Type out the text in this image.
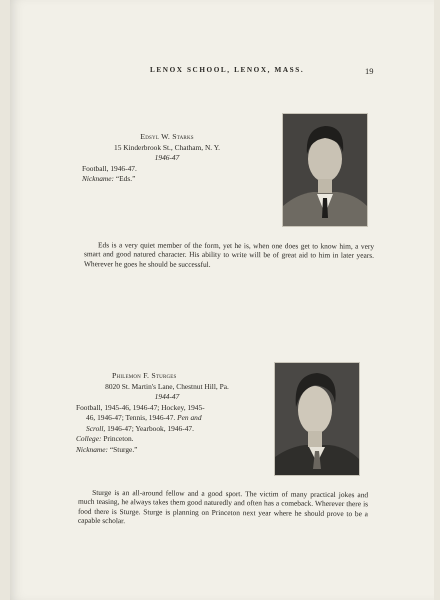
LENOX SCHOOL, LENOX, MASS.	19
Edsyl W. Starks
15 Kinderbrook St., Chatham, N. Y.
1946-47
Football, 1946-47.
Nickname: “Eds.”
Eds is a very quiet member of the form, yet he is, when one does get to know him, a very smart and good natured character. His ability to write will be of great aid to him in later years. Wherever he goes he should be successful.
Philemon F. Sturges
8020 St. Martin's Lane, Chestnut Hill, Pa.
1944-47
Football, 1945-46, 1946-47; Hockey, 1945-
46, 1946-47; Tennis, 1946-47. Pen and
Scroll, 1946-47; Yearbook, 1946-47.
College: Princeton.
Nickname: “Sturge.”
Sturge is an all-around fellow and a good sport. The victim of many practical jokes and much teasing, he always takes them good naturedly and often has a comeback. Wherever there is food there is Sturge. Sturge is planning on Princeton next year where he should prove to be a capable scholar.
